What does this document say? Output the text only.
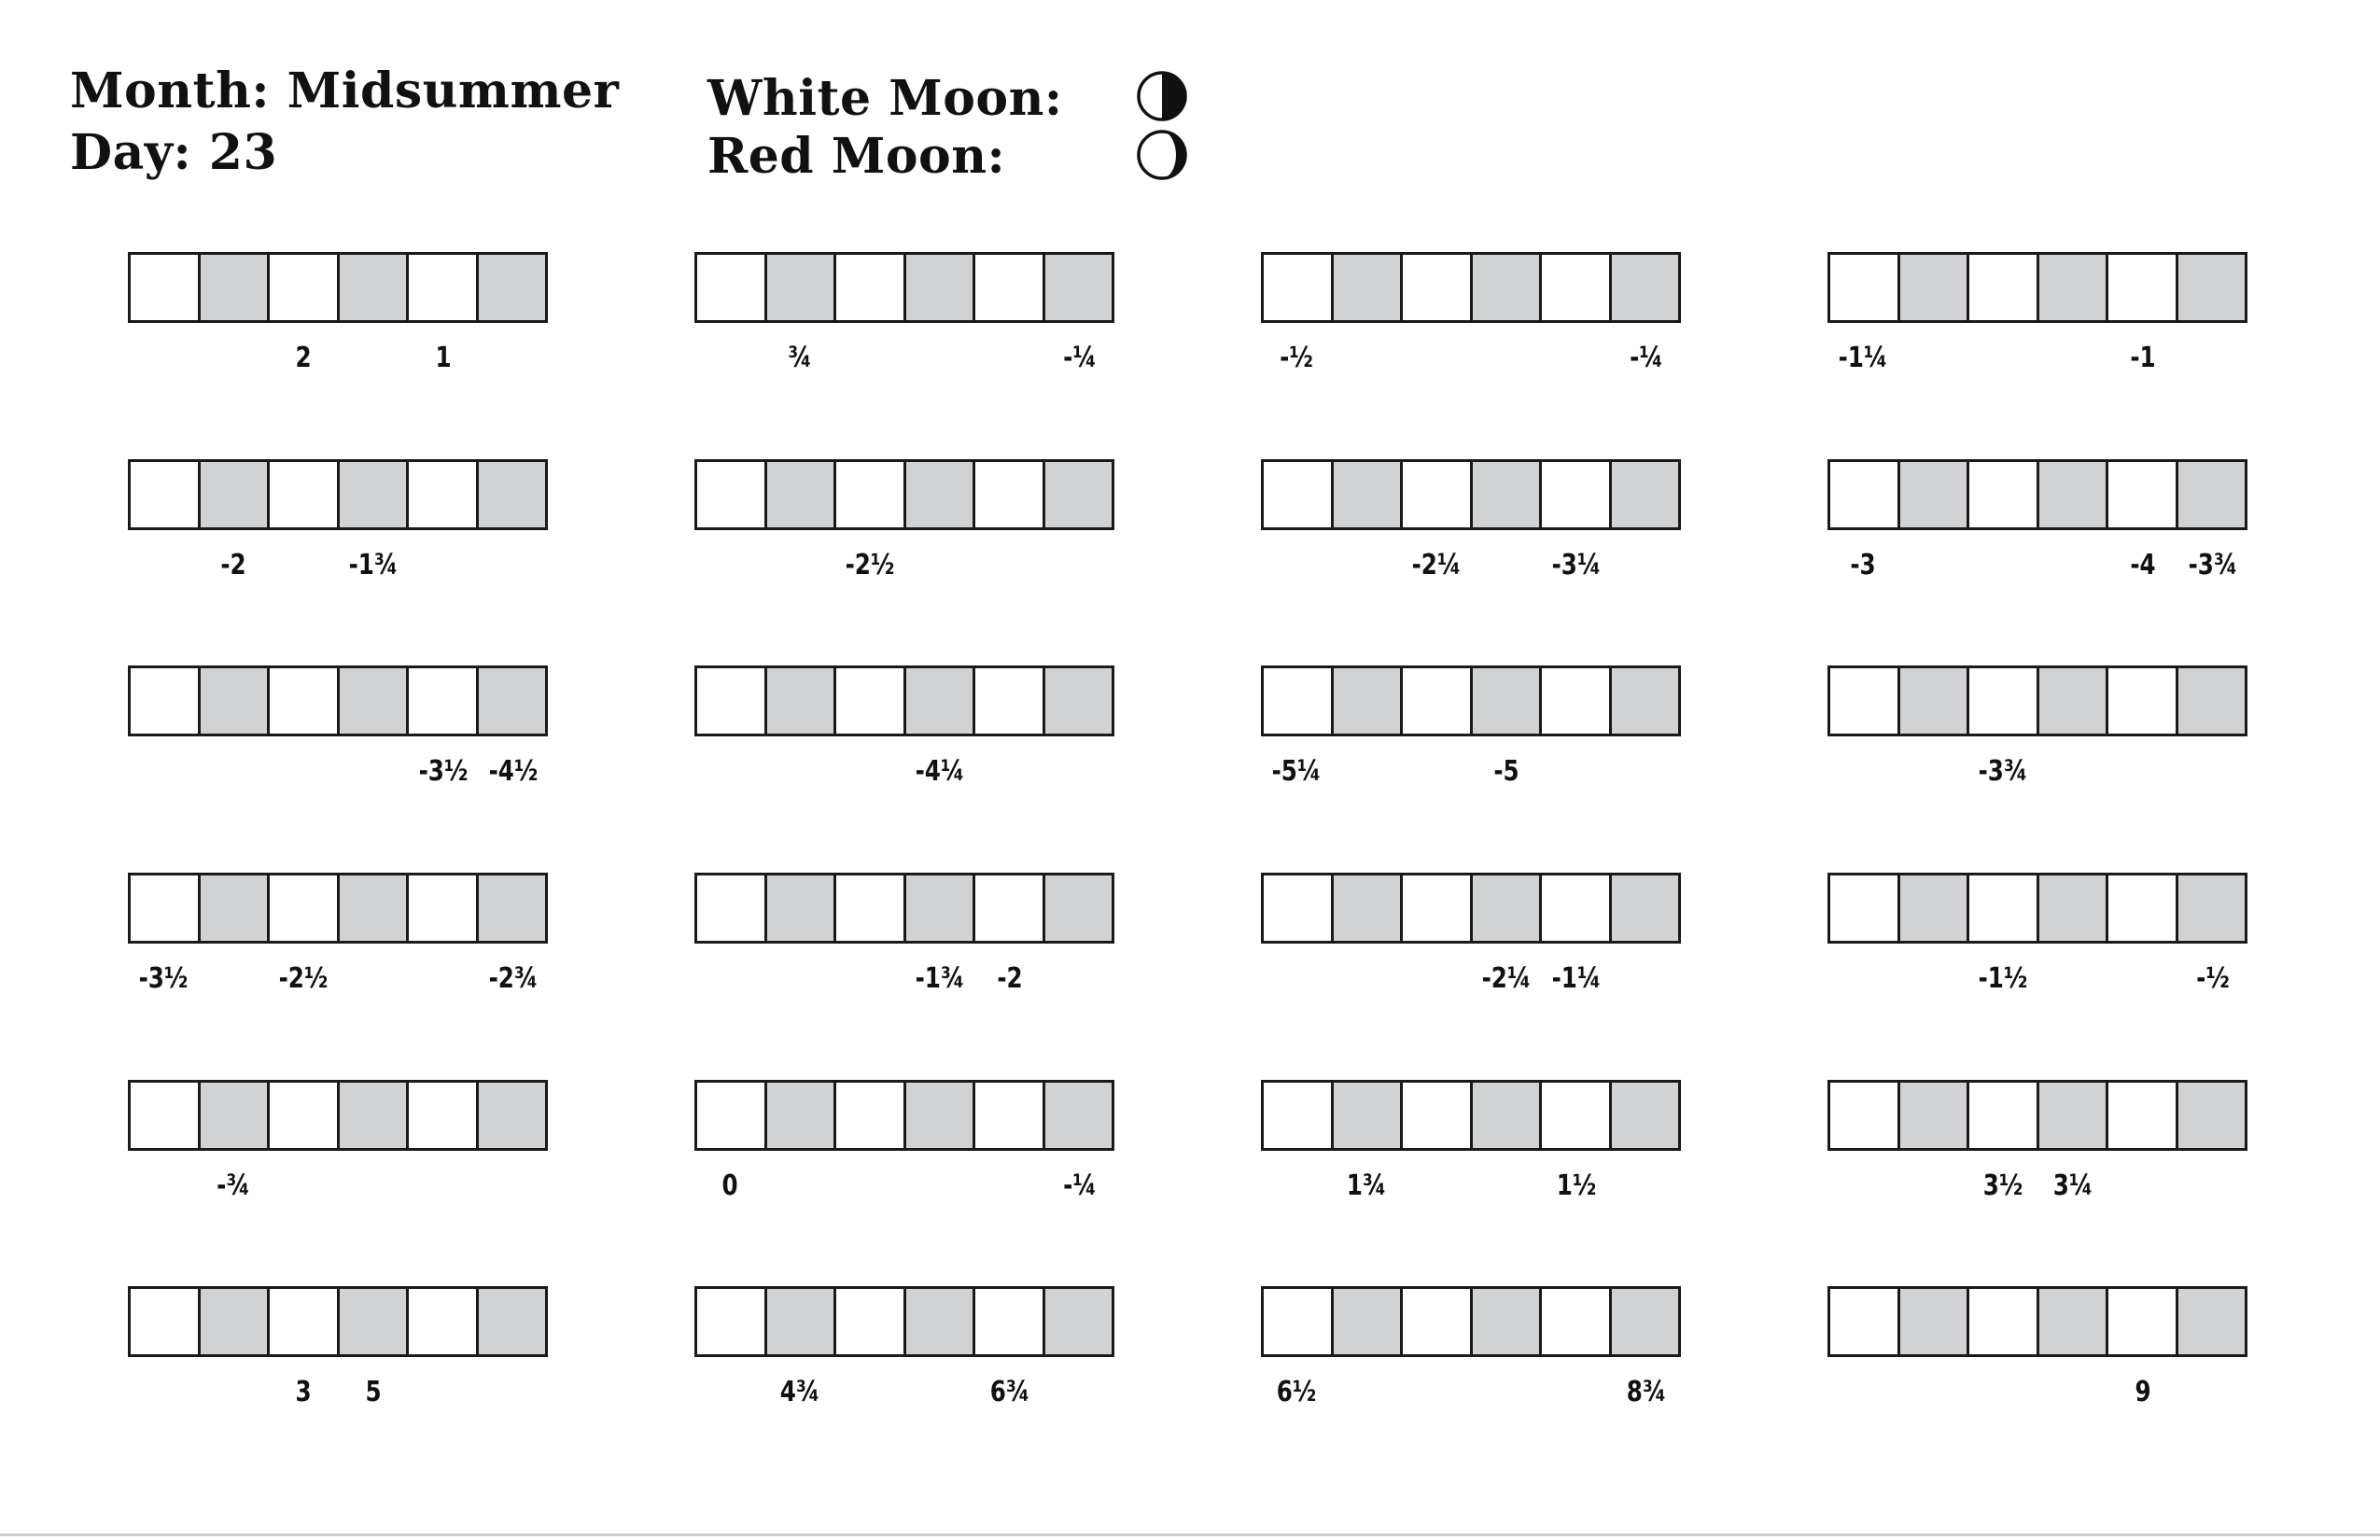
Month: Midsummer
Day: 23
White Moon:
Red Moon:
2	1	¾	-¼	-½	-¼	-1¼	-1
-2	-1¾	-2½	-2¼	-3¼	-3	-4	-3¾
-3½ -4½	-4¼	-5¼	-5	-3¾
-3½	-2½	-2¾	-1¾	-2	-2¼ -1¼	-1½	-½
-¾	0	-¼	1¾	1½	3½	3¼
3	5	4¾	6¾	6½	8¾	9
